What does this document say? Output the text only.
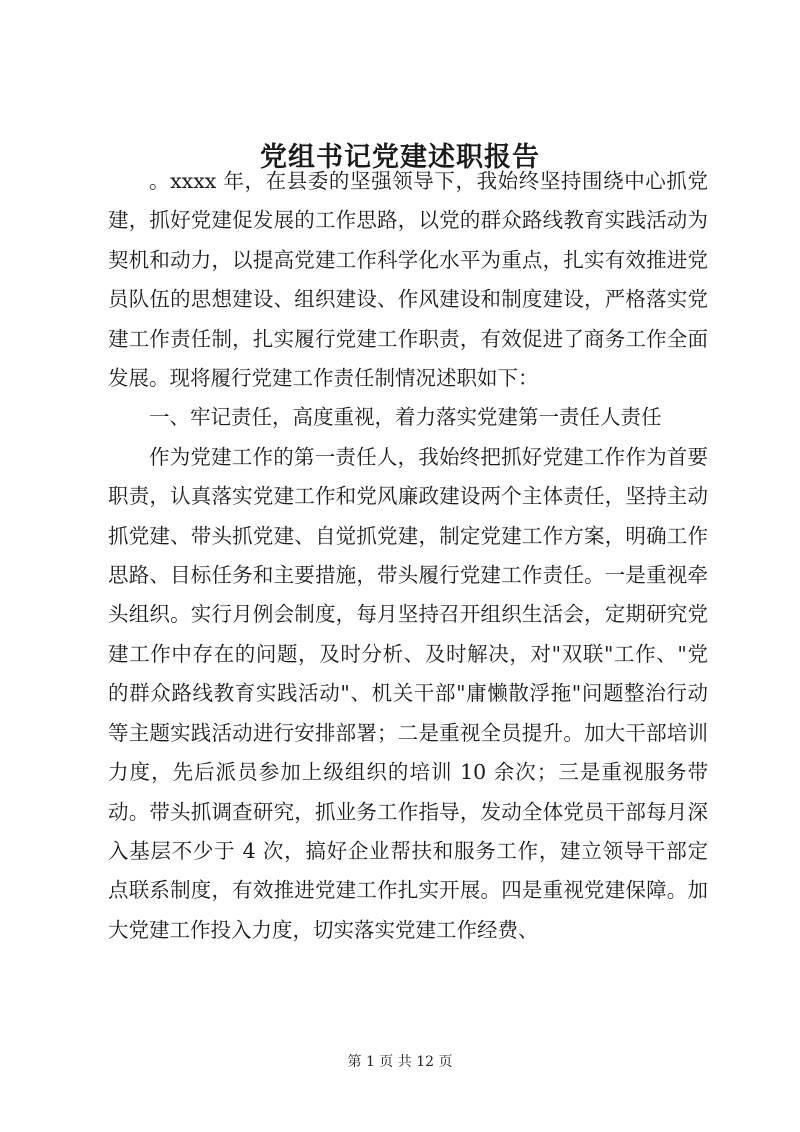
党组书记党建述职报告

。xxxx 年，在县委的坚强领导下，我始终坚持围绕中心抓党建，抓好党建促发展的工作思路，以党的群众路线教育实践活动为契机和动力，以提高党建工作科学化水平为重点，扎实有效推进党员队伍的思想建设、组织建设、作风建设和制度建设，严格落实党建工作责任制，扎实履行党建工作职责，有效促进了商务工作全面发展。现将履行党建工作责任制情况述职如下：

一、牢记责任，高度重视，着力落实党建第一责任人责任

作为党建工作的第一责任人，我始终把抓好党建工作作为首要职责，认真落实党建工作和党风廉政建设两个主体责任，坚持主动抓党建、带头抓党建、自觉抓党建，制定党建工作方案，明确工作思路、目标任务和主要措施，带头履行党建工作责任。一是重视牵头组织。实行月例会制度，每月坚持召开组织生活会，定期研究党建工作中存在的问题，及时分析、及时解决，对"双联"工作、"党的群众路线教育实践活动"、机关干部"庸懒散浮拖"问题整治行动等主题实践活动进行安排部署；二是重视全员提升。加大干部培训力度，先后派员参加上级组织的培训 10 余次；三是重视服务带动。带头抓调查研究，抓业务工作指导，发动全体党员干部每月深入基层不少于 4 次，搞好企业帮扶和服务工作，建立领导干部定点联系制度，有效推进党建工作扎实开展。四是重视党建保障。加大党建工作投入力度，切实落实党建工作经费、

第 1 页 共 12 页
